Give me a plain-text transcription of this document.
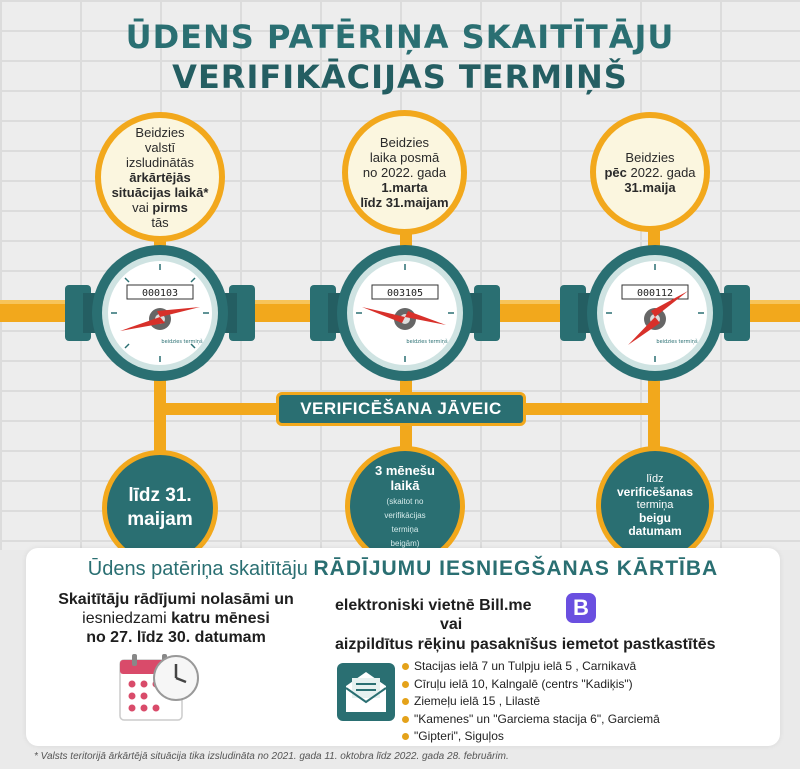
ŪDENS PATĒRIŅA SKAITĪTĀJU
VERIFIKĀCIJAS TERMIŅŠ
Beidzies
valstī
izsludinātās
ārkārtējās
situācijas laikā*
vai pirms
tās
Beidzies
laika posmā
no 2022. gada
1.marta
līdz 31.maijam
Beidzies
pēc 2022. gada
31.maija
000103
beidzies termiņš
003105
beidzies termiņš
000112
beidzies termiņš
VERIFICĒŠANA JĀVEIC
līdz 31.
maijam
3 mēnešu
laikā
(skaitot no
verifikācijas
termiņa
beigām)
līdz
verificēšanas
termiņa
beigu
datumam
Ūdens patēriņa skaitītāju RĀDĪJUMU IESNIEGŠANAS KĀRTĪBA
Skaitītāju rādījumi nolasāmi un
iesniedzami katru mēnesi
no 27. līdz 30. datumam
elektroniski vietnē Bill.me	B
vai
aizpildītus rēķinu pasaknīšus iemetot pastkastītēs
Stacijas ielā 7 un Tulpju ielā 5 , Carnikavā
Cīruļu ielā 10, Kalngalē (centrs "Kadiķis")
Ziemeļu ielā 15 , Lilastē
"Kamenes" un "Garciema stacija 6", Garciemā
"Gipteri", Siguļos
* Valsts teritorijā ārkārtējā situācija tika izsludināta no 2021. gada 11. oktobra līdz 2022. gada 28. februārim.
